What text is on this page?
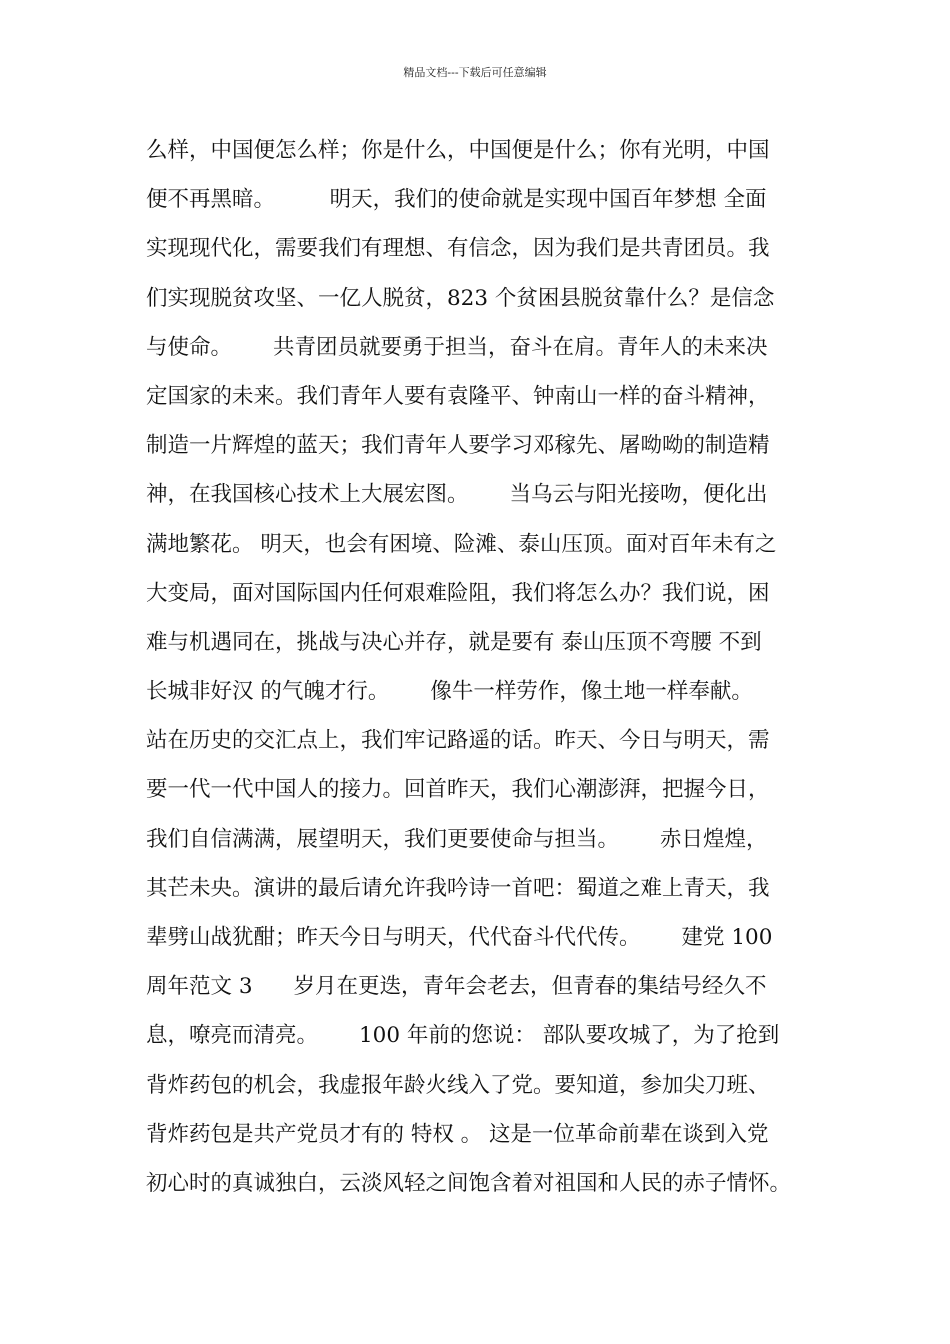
精品文档---下载后可任意编辑
么样，中国便怎么样；你是什么，中国便是什么；你有光明，中国
便不再黑暗。        明天，我们的使命就是实现中国百年梦想 全面
实现现代化，需要我们有理想、有信念，因为我们是共青团员。我
们实现脱贫攻坚、一亿人脱贫，823 个贫困县脱贫靠什么？是信念
与使命。      共青团员就要勇于担当，奋斗在肩。青年人的未来决
定国家的未来。我们青年人要有袁隆平、钟南山一样的奋斗精神，
制造一片辉煌的蓝天；我们青年人要学习邓稼先、屠呦呦的制造精
神，在我国核心技术上大展宏图。      当乌云与阳光接吻，便化出
满地繁花。 明天，也会有困境、险滩、泰山压顶。面对百年未有之
大变局，面对国际国内任何艰难险阻，我们将怎么办？我们说，困
难与机遇同在，挑战与决心并存，就是要有 泰山压顶不弯腰 不到
长城非好汉 的气魄才行。      像牛一样劳作，像土地一样奉献。
站在历史的交汇点上，我们牢记路遥的话。昨天、今日与明天，需
要一代一代中国人的接力。回首昨天，我们心潮澎湃，把握今日，
我们自信满满，展望明天，我们更要使命与担当。      赤日煌煌，
其芒未央。演讲的最后请允许我吟诗一首吧：蜀道之难上青天，我
辈劈山战犹酣；昨天今日与明天，代代奋斗代代传。      建党 100
周年范文 3      岁月在更迭，青年会老去，但青春的集结号经久不
息，嘹亮而清亮。      100 年前的您说： 部队要攻城了，为了抢到
背炸药包的机会，我虚报年龄火线入了党。要知道，参加尖刀班、
背炸药包是共产党员才有的 特权 。 这是一位革命前辈在谈到入党
初心时的真诚独白，云淡风轻之间饱含着对祖国和人民的赤子情怀。
